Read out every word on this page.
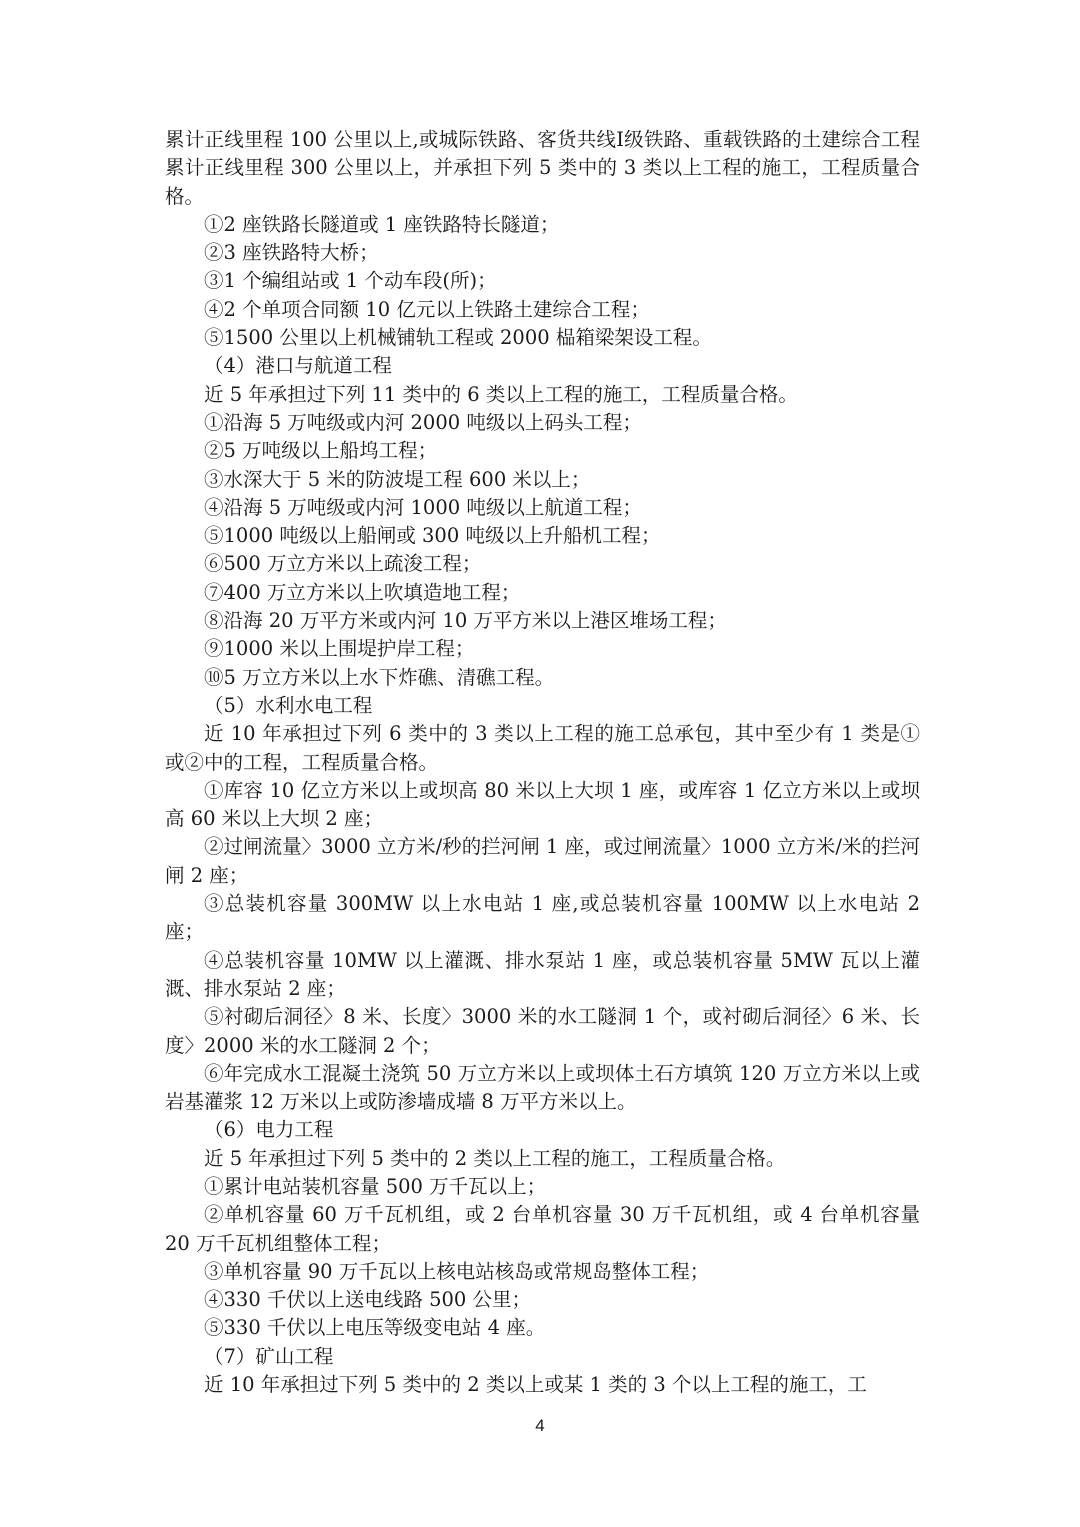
累计正线里程 100 公里以上,或城际铁路、客货共线Ⅰ级铁路、重载铁路的土建综合工程累计正线里程 300 公里以上，并承担下列 5 类中的 3 类以上工程的施工，工程质量合格。

①2 座铁路长隧道或 1 座铁路特长隧道；

②3 座铁路特大桥；

③1 个编组站或 1 个动车段(所)；

④2 个单项合同额 10 亿元以上铁路土建综合工程；

⑤1500 公里以上机械铺轨工程或 2000 榀箱梁架设工程。

（4）港口与航道工程

近 5 年承担过下列 11 类中的 6 类以上工程的施工，工程质量合格。

①沿海 5 万吨级或内河 2000 吨级以上码头工程；

②5 万吨级以上船坞工程；

③水深大于 5 米的防波堤工程 600 米以上；

④沿海 5 万吨级或内河 1000 吨级以上航道工程；

⑤1000 吨级以上船闸或 300 吨级以上升船机工程；

⑥500 万立方米以上疏浚工程；

⑦400 万立方米以上吹填造地工程；

⑧沿海 20 万平方米或内河 10 万平方米以上港区堆场工程；

⑨1000 米以上围堤护岸工程；

⑩5 万立方米以上水下炸礁、清礁工程。

（5）水利水电工程

近 10 年承担过下列 6 类中的 3 类以上工程的施工总承包，其中至少有 1 类是①或②中的工程，工程质量合格。

①库容 10 亿立方米以上或坝高 80 米以上大坝 1 座，或库容 1 亿立方米以上或坝高 60 米以上大坝 2 座；

②过闸流量〉3000 立方米/秒的拦河闸 1 座，或过闸流量〉1000 立方米/米的拦河闸 2 座；

③总装机容量 300MW 以上水电站 1 座,或总装机容量 100MW 以上水电站 2 座；

④总装机容量 10MW 以上灌溉、排水泵站 1 座，或总装机容量 5MW 瓦以上灌溉、排水泵站 2 座；

⑤衬砌后洞径〉8 米、长度〉3000 米的水工隧洞 1 个，或衬砌后洞径〉6 米、长度〉2000 米的水工隧洞 2 个；

⑥年完成水工混凝土浇筑 50 万立方米以上或坝体土石方填筑 120 万立方米以上或岩基灌浆 12 万米以上或防渗墙成墙 8 万平方米以上。

（6）电力工程

近 5 年承担过下列 5 类中的 2 类以上工程的施工，工程质量合格。

①累计电站装机容量 500 万千瓦以上；

②单机容量 60 万千瓦机组，或 2 台单机容量 30 万千瓦机组，或 4 台单机容量 20 万千瓦机组整体工程；

③单机容量 90 万千瓦以上核电站核岛或常规岛整体工程；

④330 千伏以上送电线路 500 公里；

⑤330 千伏以上电压等级变电站 4 座。

（7）矿山工程

近 10 年承担过下列 5 类中的 2 类以上或某 1 类的 3 个以上工程的施工，工

4
